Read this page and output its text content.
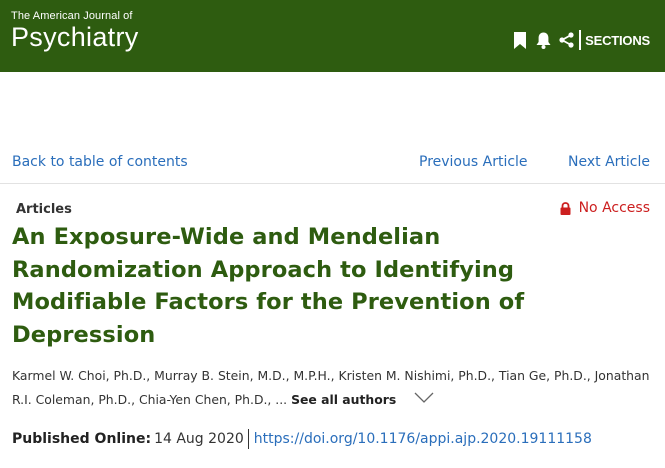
The American Journal of
Psychiatry	SECTIONS
Back to table of contents	Previous Article	Next Article
Articles	No Access
An Exposure-Wide and Mendelian Randomization Approach to Identifying Modifiable Factors for the Prevention of Depression
Karmel W. Choi, Ph.D., Murray B. Stein, M.D., M.P.H., Kristen M. Nishimi, Ph.D., Tian Ge, Ph.D., Jonathan R.I. Coleman, Ph.D., Chia-Yen Chen, Ph.D., ... See all authors
Published Online: 14 Aug 2020 https://doi.org/10.1176/appi.ajp.2020.19111158
